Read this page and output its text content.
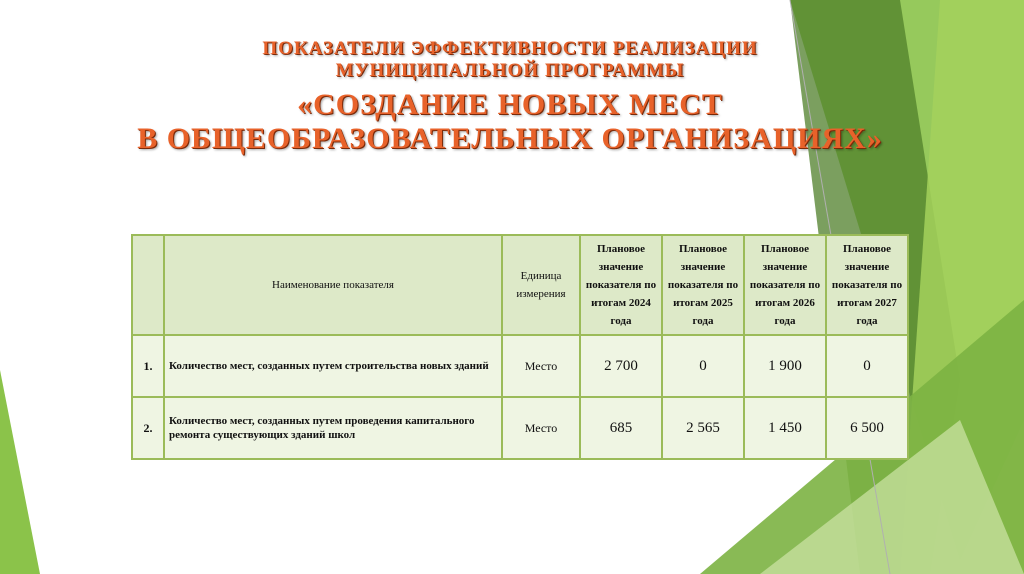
ПОКАЗАТЕЛИ ЭФФЕКТИВНОСТИ РЕАЛИЗАЦИИ
МУНИЦИПАЛЬНОЙ ПРОГРАММЫ
«СОЗДАНИЕ НОВЫХ МЕСТ
В ОБЩЕОБРАЗОВАТЕЛЬНЫХ ОРГАНИЗАЦИЯХ»
	Наименование показателя	Единица измерения	Плановое значение показателя по итогам 2024 года	Плановое значение показателя по итогам 2025 года	Плановое значение показателя по итогам 2026 года	Плановое значение показателя по итогам 2027 года
1.	Количество мест, созданных путем строительства новых зданий	Место	2 700	0	1 900	0
2.	Количество мест, созданных путем проведения капитального ремонта существующих зданий школ	Место	685	2 565	1 450	6 500
